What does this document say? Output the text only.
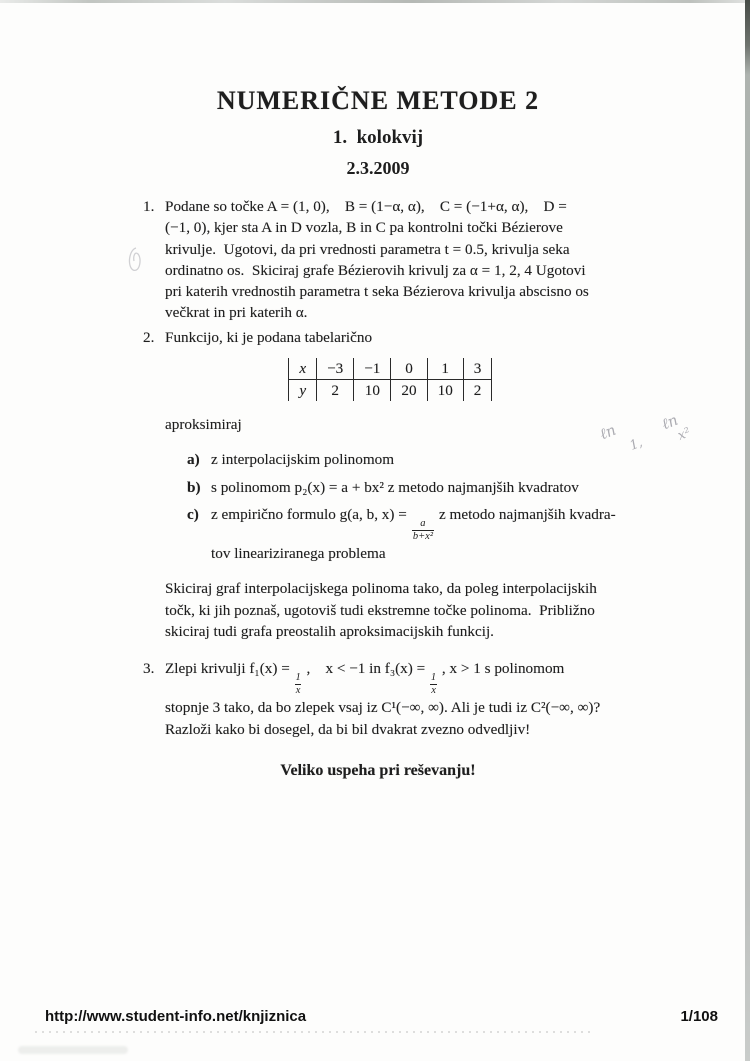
NUMERIČNE METODE 2
1.  kolokvij
2.3.2009
1. Podane so točke A = (1, 0),    B = (1−α, α),    C = (−1+α, α),    D =
(−1, 0), kjer sta A in D vozla, B in C pa kontrolni točki Bézierove
krivulje.  Ugotovi, da pri vrednosti parametra t = 0.5, krivulja seka
ordinatno os.  Skiciraj grafe Bézierovih krivulj za α = 1, 2, 4 Ugotovi
pri katerih vrednostih parametra t seka Bézierova krivulja abscisno os
večkrat in pri katerih α.
2. Funkcijo, ki je podana tabelarično
x	−3	−1	0	1	3
y	2	10	20	10	2
aproksimiraj
a) z interpolacijskim polinomom
b) s polinomom p₂(x) = a + bx² z metodo najmanjših kvadratov
c) z empirično formulo g(a, b, x) =
$\frac{a}{\text{b+x²}}$
z metodo najmanjših kvadra- tov lineariziranega problema
Skiciraj graf interpolacijskega polinoma tako, da poleg interpolacijskih
točk, ki jih poznaš, ugotoviš tudi ekstremne točke polinoma.  Približno
skiciraj tudi grafa preostalih aproksimacijskih funkcij.
3. Zlepi krivulji f₁(x) =
$\frac{1}{x}$
,    x < −1 in f₃(x) =
$\frac{1}{x}$
, x > 1 s polinomom
stopnje 3 tako, da bo zlepek vsaj iz C¹(−∞, ∞). Ali je tudi iz C²(−∞, ∞)?
Razloži kako bi dosegel, da bi bil dvakrat zvezno odvedljiv!
Veliko uspeha pri reševanju!
ℓn
1,
ℓn
x²
http://www.student-info.net/knjiznica	1/108
